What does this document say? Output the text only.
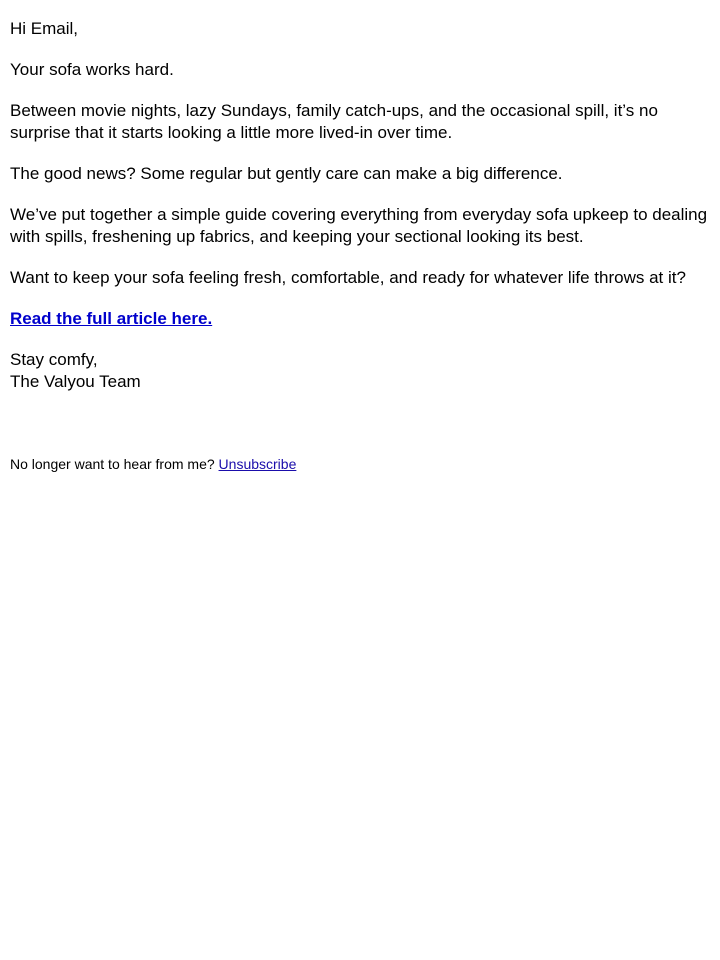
Hi Email,

Your sofa works hard.

Between movie nights, lazy Sundays, family catch-ups, and the occasional spill, it’s no surprise that it starts looking a little more lived-in over time.

The good news? Some regular but gently care can make a big difference.

We’ve put together a simple guide covering everything from everyday sofa upkeep to dealing with spills, freshening up fabrics, and keeping your sectional looking its best.

Want to keep your sofa feeling fresh, comfortable, and ready for whatever life throws at it?

Read the full article here.

Stay comfy,
The Valyou Team

No longer want to hear from me? Unsubscribe
